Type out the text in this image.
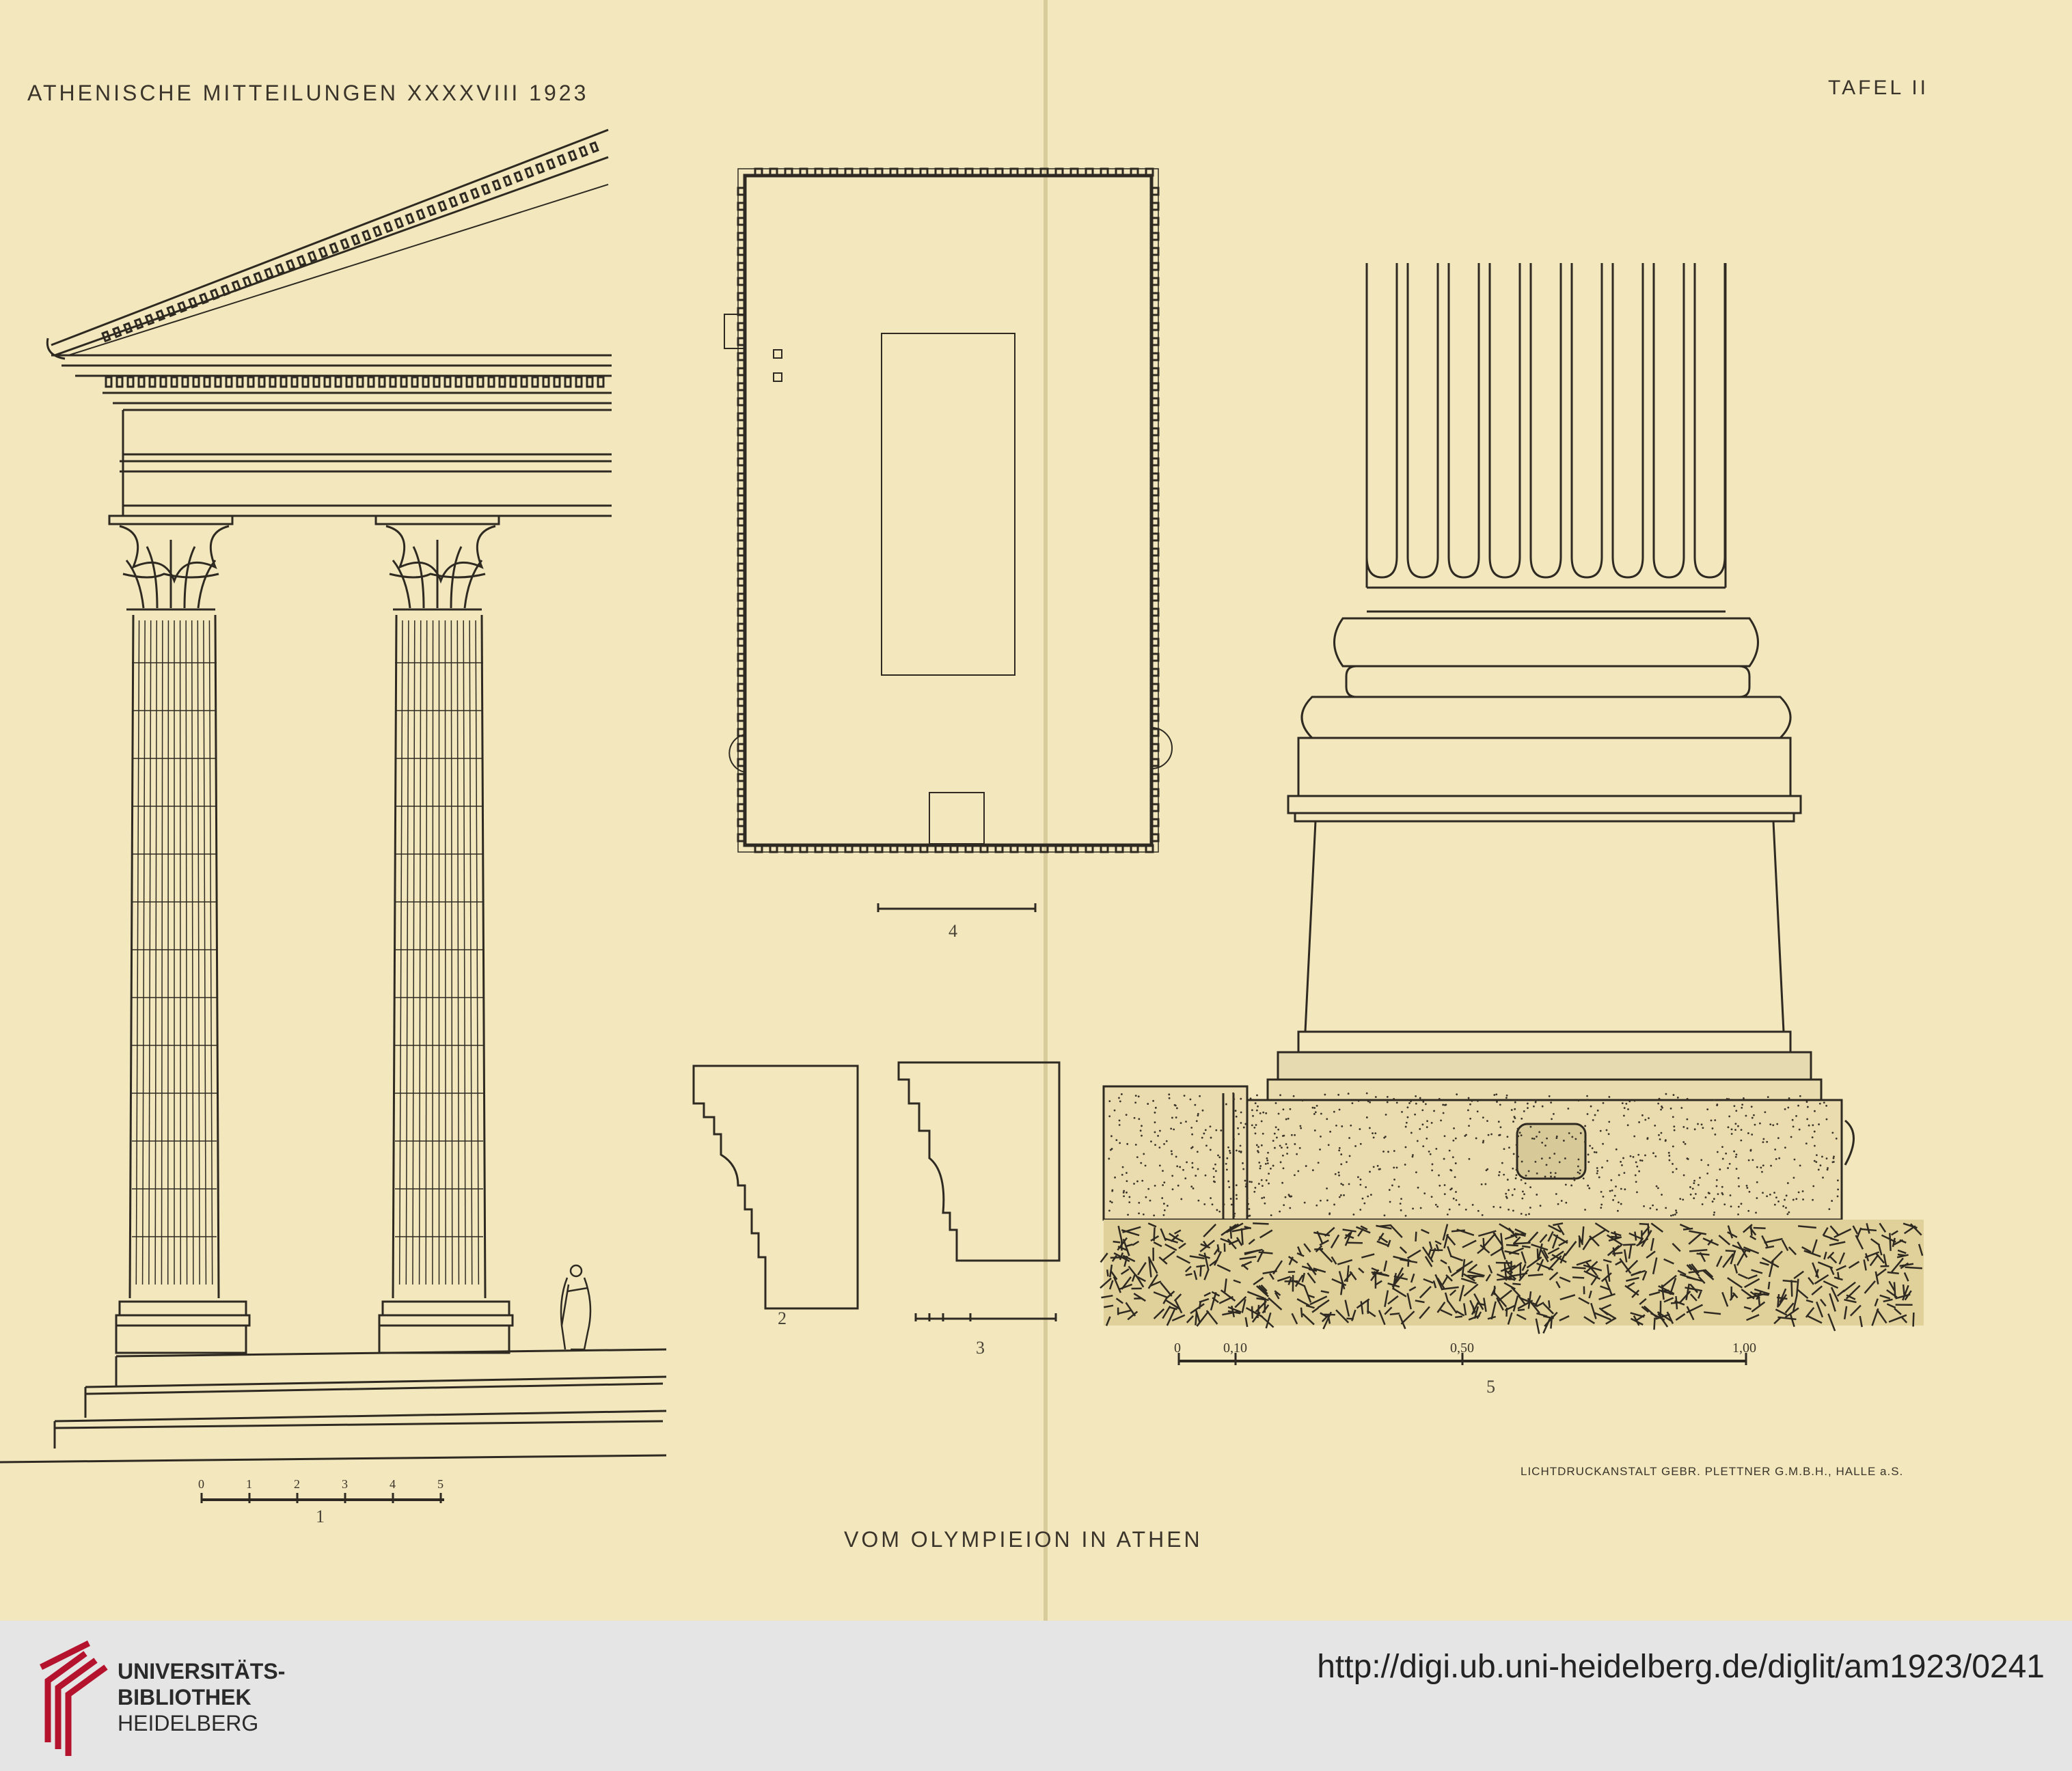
ATHENISCHE MITTEILUNGEN XXXXVIII 1923	TAFEL II
VOM OLYMPIEION IN ATHEN
LICHTDRUCKANSTALT GEBR. PLETTNER G.M.B.H., HALLE a.S.
1
2
3
4
5
0	1	2	3	4	5
0	0,10	0,50	1,00
UNIVERSITÄTS-
BIBLIOTHEK
HEIDELBERG
http://digi.ub.uni-heidelberg.de/diglit/am1923/0241
